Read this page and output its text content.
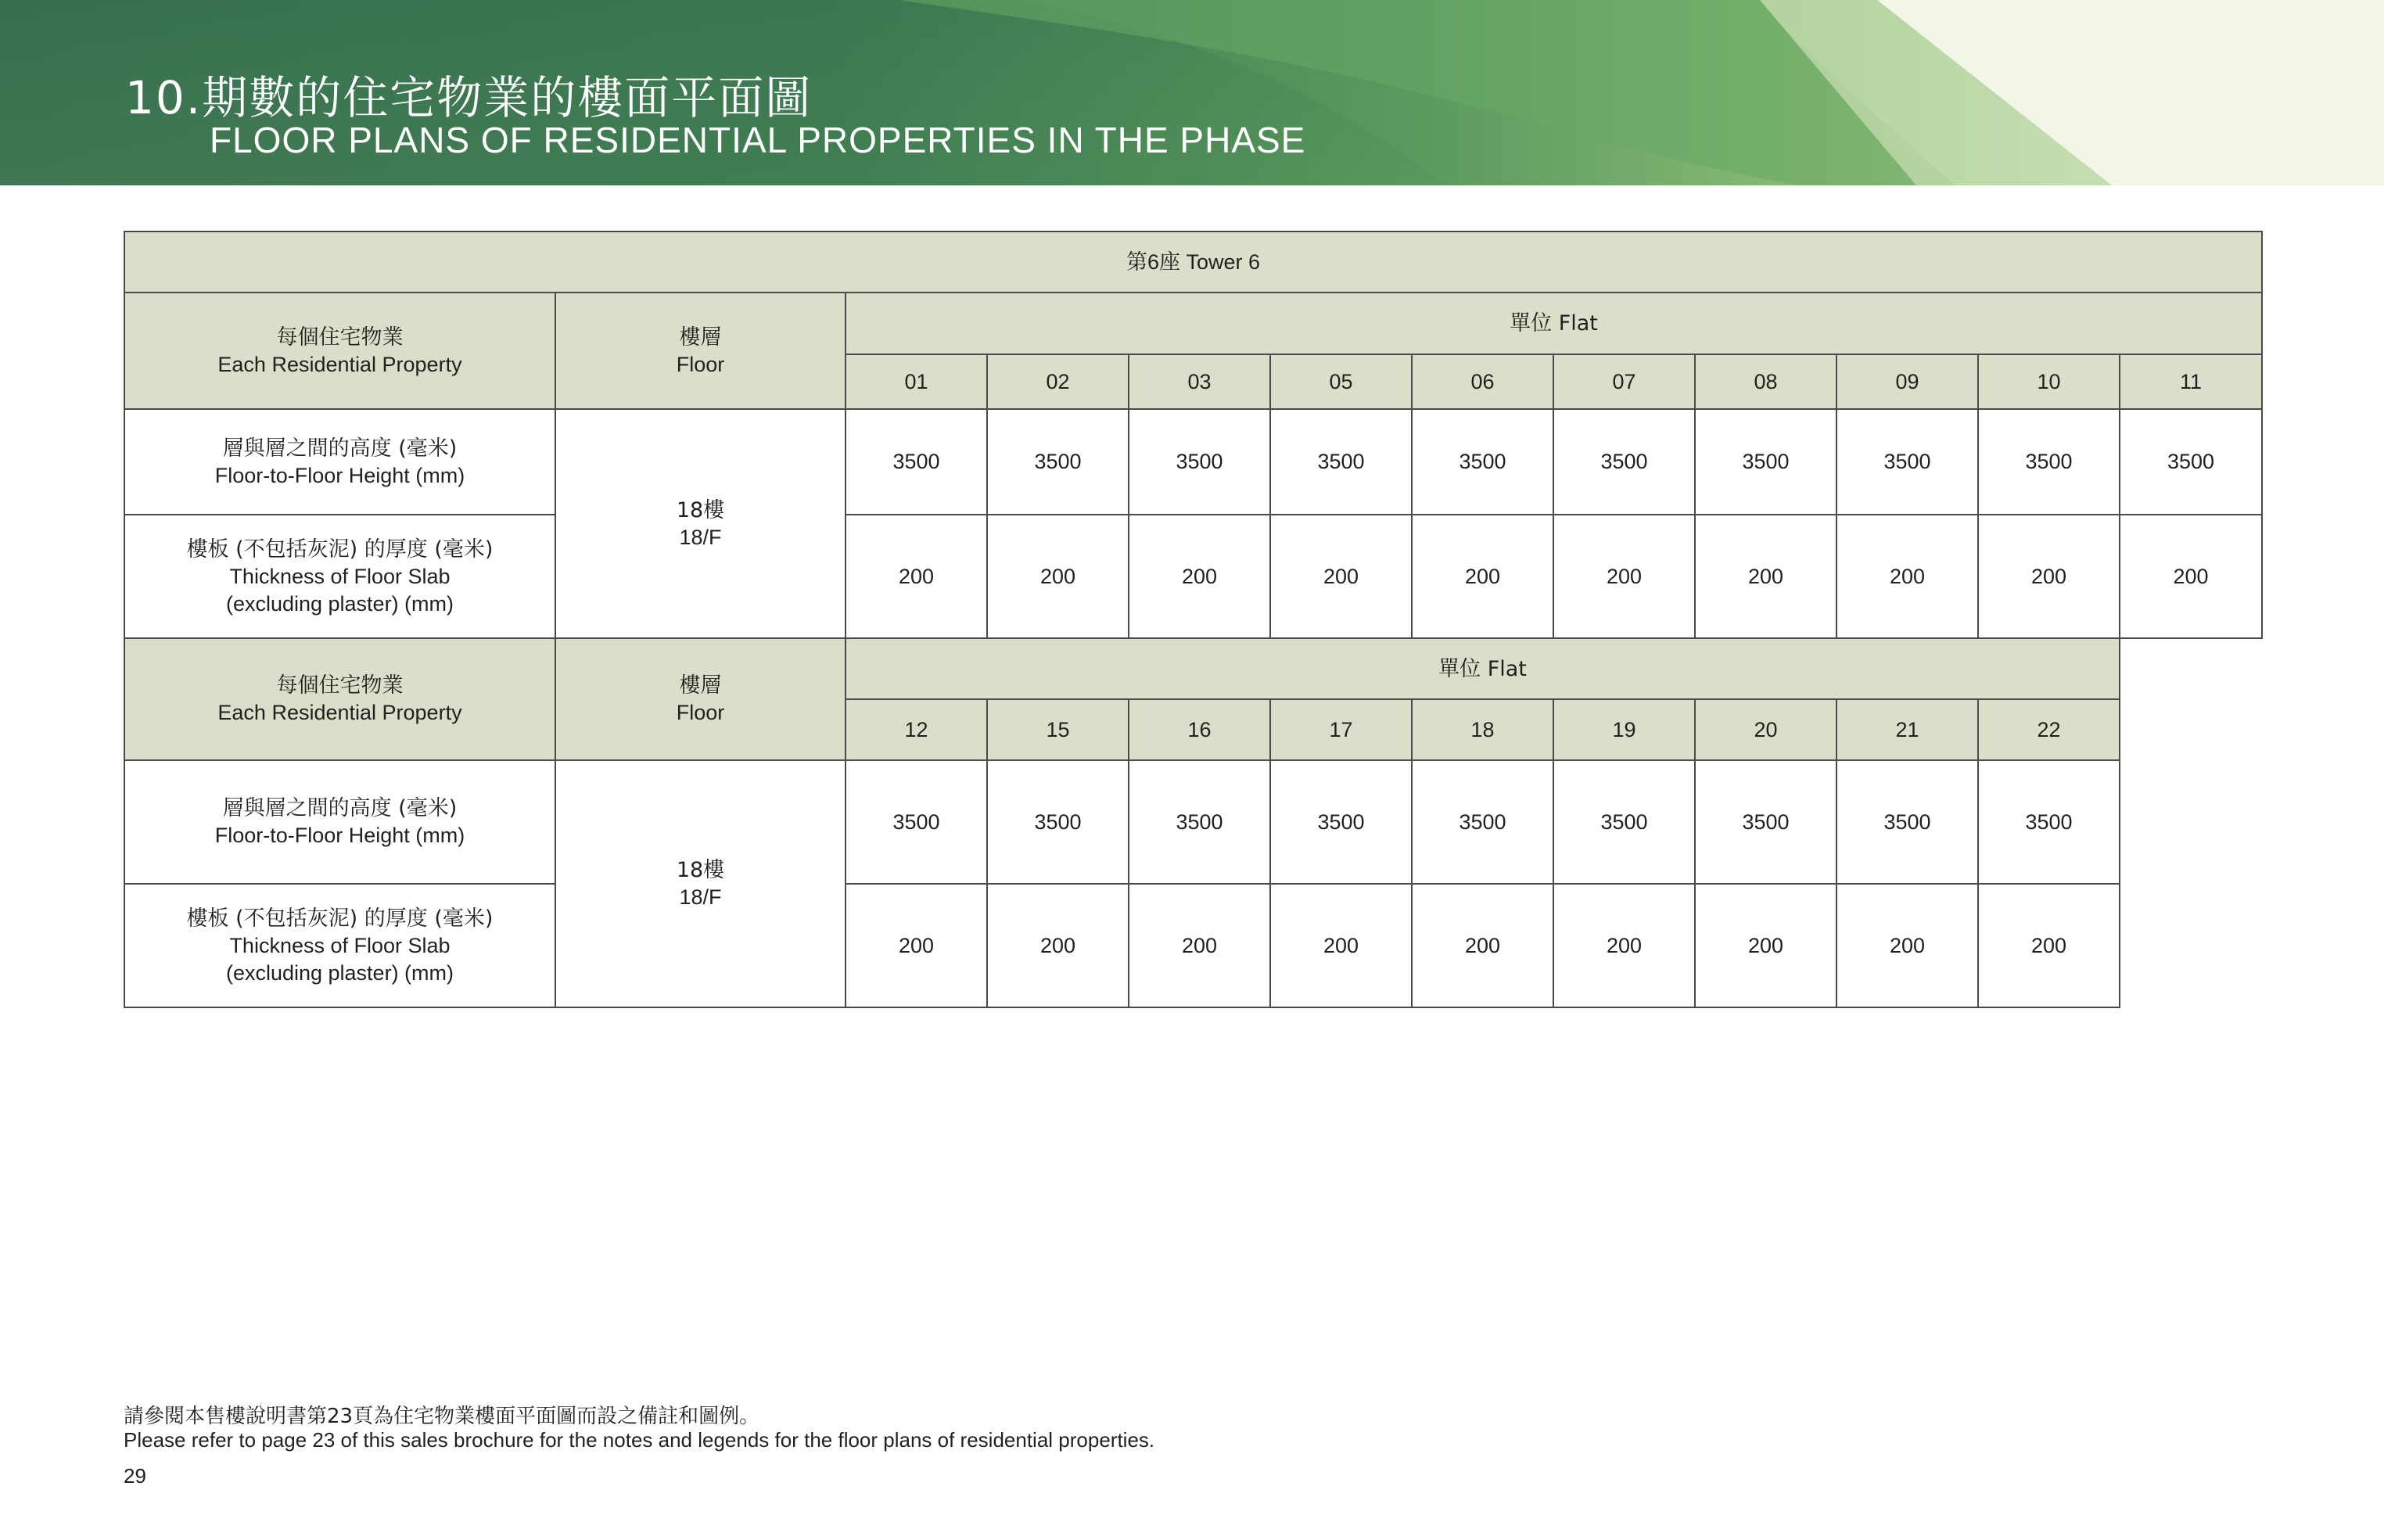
10.期數的住宅物業的樓面平面圖
FLOOR PLANS OF RESIDENTIAL PROPERTIES IN THE PHASE
第6座 Tower 6											

每個住宅物業
Each Residential Property	樓層
Floor	單位 Flat									
		01	02	03	05	06	07	08	09	10	11

層與層之間的高度 (毫米)
Floor-to-Floor Height (mm)	18樓
18/F	3500	3500	3500	3500	3500	3500	3500	3500	3500	3500

樓板 (不包括灰泥) 的厚度 (毫米)
Thickness of Floor Slab
(excluding plaster) (mm)		200	200	200	200	200	200	200	200	200	200

每個住宅物業
Each Residential Property	樓層
Floor	單位 Flat									
		12	15	16	17	18	19	20	21	22	

層與層之間的高度 (毫米)
Floor-to-Floor Height (mm)	18樓
18/F	3500	3500	3500	3500	3500	3500	3500	3500	3500	

樓板 (不包括灰泥) 的厚度 (毫米)
Thickness of Floor Slab
(excluding plaster) (mm)		200	200	200	200	200	200	200	200	200	
請參閱本售樓說明書第23頁為住宅物業樓面平面圖而設之備註和圖例。
Please refer to page 23 of this sales brochure for the notes and legends for the floor plans of residential properties.
29
